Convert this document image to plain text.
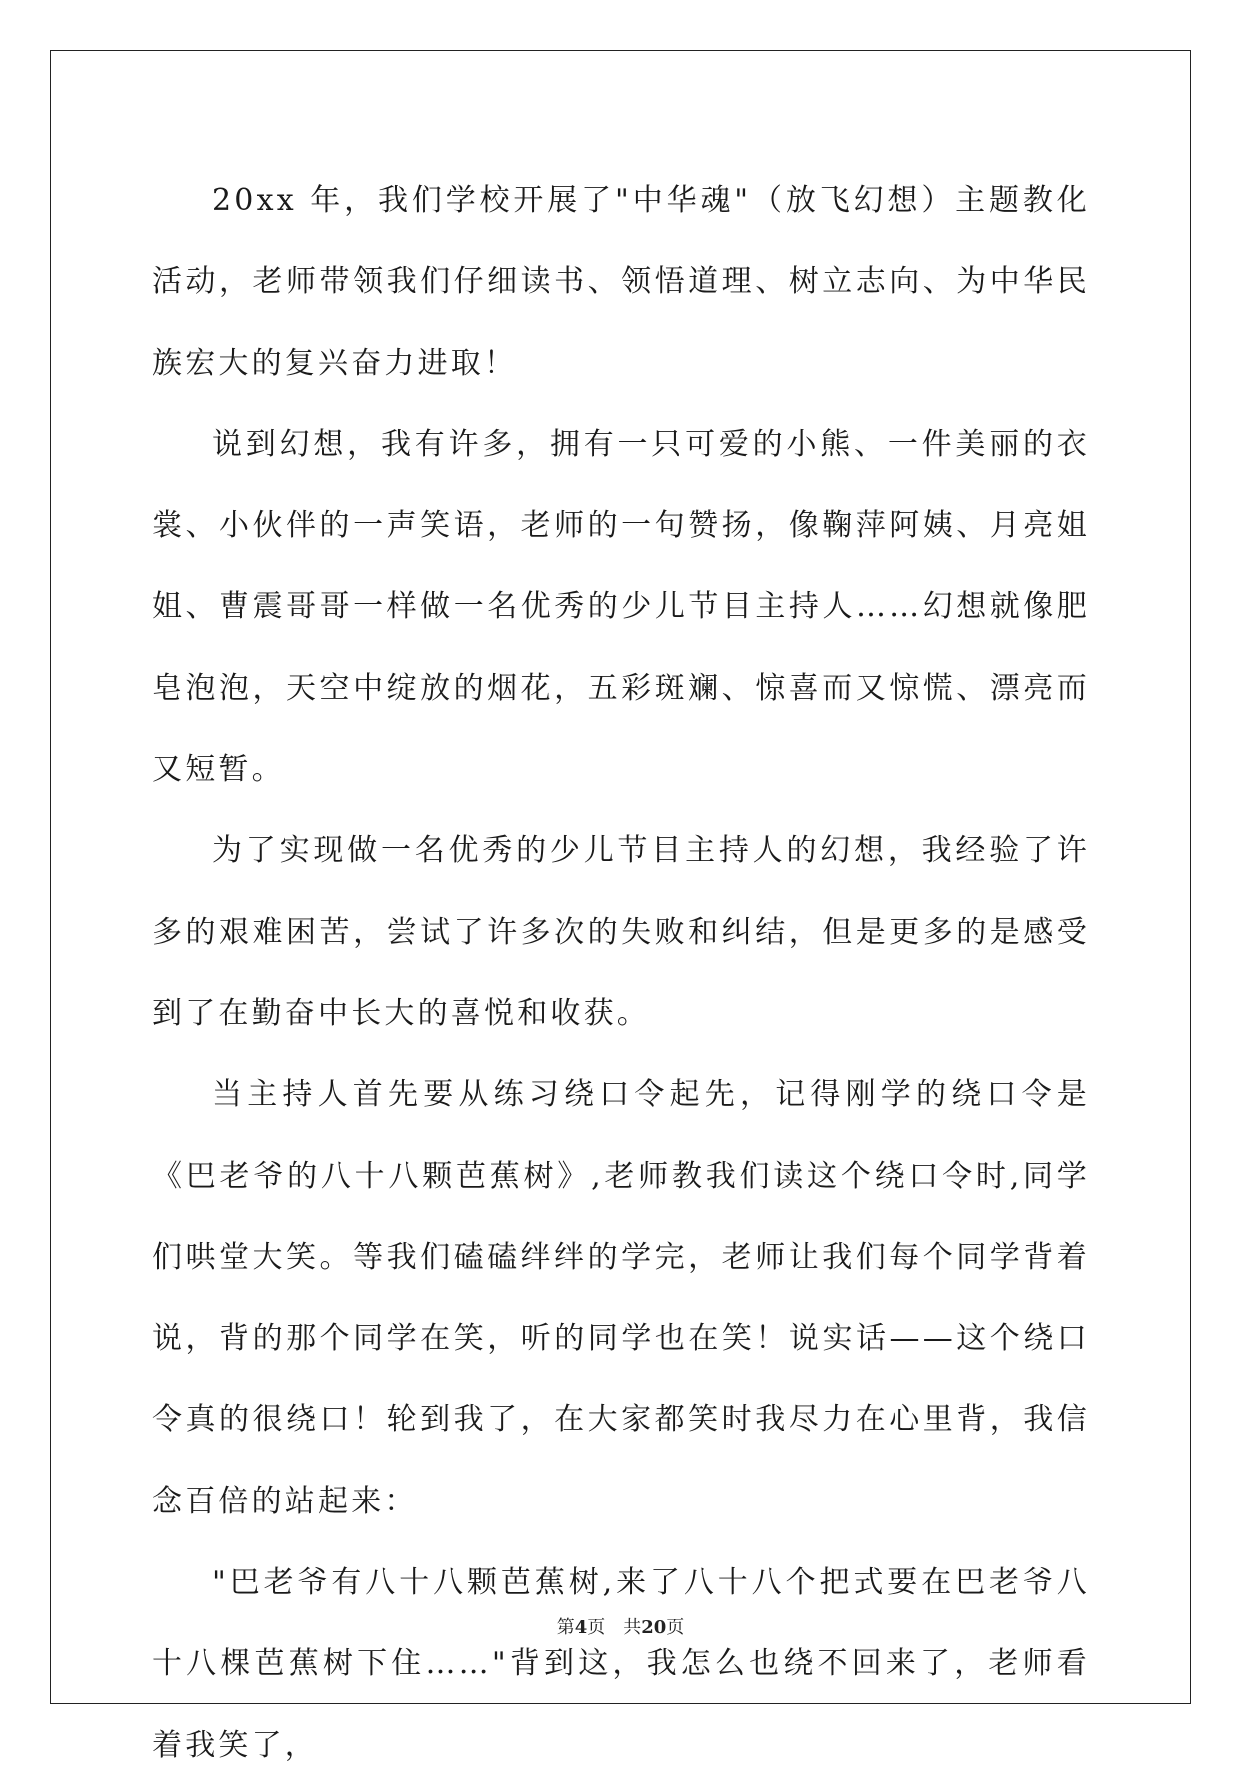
20xx 年，我们学校开展了"中华魂"（放飞幻想）主题教化活动，老师带领我们仔细读书、领悟道理、树立志向、为中华民族宏大的复兴奋力进取！

说到幻想，我有许多，拥有一只可爱的小熊、一件美丽的衣裳、小伙伴的一声笑语，老师的一句赞扬，像鞠萍阿姨、月亮姐姐、曹震哥哥一样做一名优秀的少儿节目主持人……幻想就像肥皂泡泡，天空中绽放的烟花，五彩斑斓、惊喜而又惊慌、漂亮而又短暂。

为了实现做一名优秀的少儿节目主持人的幻想，我经验了许多的艰难困苦，尝试了许多次的失败和纠结，但是更多的是感受到了在勤奋中长大的喜悦和收获。

当主持人首先要从练习绕口令起先，记得刚学的绕口令是《巴老爷的八十八颗芭蕉树》,老师教我们读这个绕口令时,同学们哄堂大笑。等我们磕磕绊绊的学完，老师让我们每个同学背着说，背的那个同学在笑，听的同学也在笑！说实话——这个绕口令真的很绕口！轮到我了，在大家都笑时我尽力在心里背，我信念百倍的站起来：

"巴老爷有八十八颗芭蕉树,来了八十八个把式要在巴老爷八十八棵芭蕉树下住……"背到这，我怎么也绕不回来了，老师看着我笑了，

第4页 共20页
